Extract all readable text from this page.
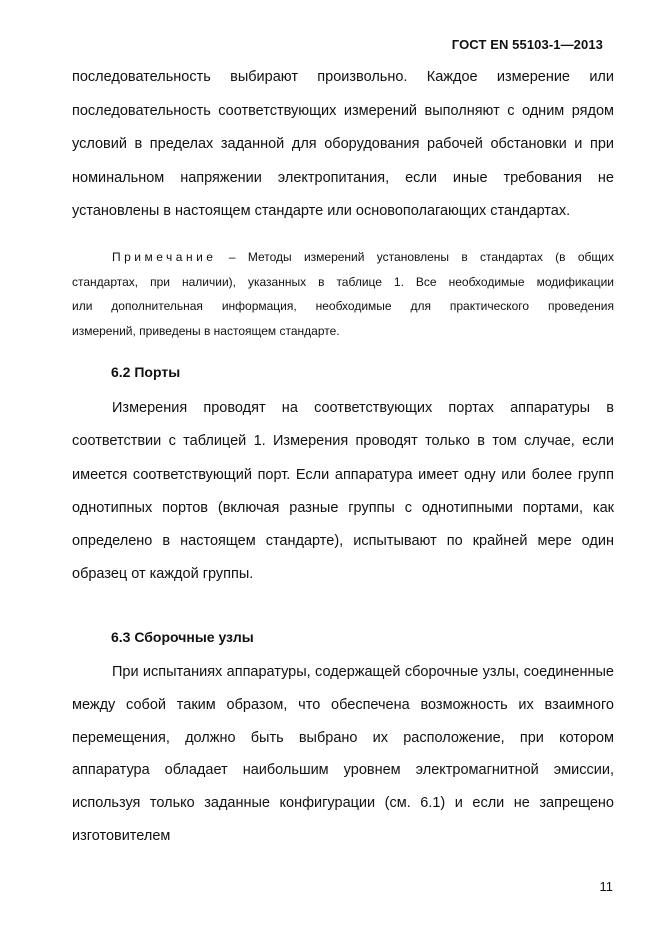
ГОСТ EN 55103-1—2013
последовательность выбирают произвольно. Каждое измерение или
последовательность соответствующих измерений выполняют с одним рядом
условий в пределах заданной для оборудования рабочей обстановки и при
номинальном напряжении электропитания, если иные требования не
установлены в настоящем стандарте или основополагающих стандартах.
Примечание – Методы измерений установлены в стандартах (в общих
стандартах, при наличии), указанных в таблице 1. Все необходимые модификации
или дополнительная информация, необходимые для практического проведения
измерений, приведены в настоящем стандарте.
6.2 Порты
Измерения проводят на соответствующих портах аппаратуры в
соответствии с таблицей 1. Измерения проводят только в том случае, если
имеется соответствующий порт. Если аппаратура имеет одну или более групп
однотипных портов (включая разные группы с однотипными портами, как
определено в настоящем стандарте), испытывают по крайней мере один
образец от каждой группы.
6.3 Сборочные узлы
При испытаниях аппаратуры, содержащей сборочные узлы, соединенные
между собой таким образом, что обеспечена возможность их взаимного
перемещения, должно быть выбрано их расположение, при котором
аппаратура обладает наибольшим уровнем электромагнитной эмиссии,
используя только заданные конфигурации (см. 6.1) и если не запрещено
изготовителем
11
